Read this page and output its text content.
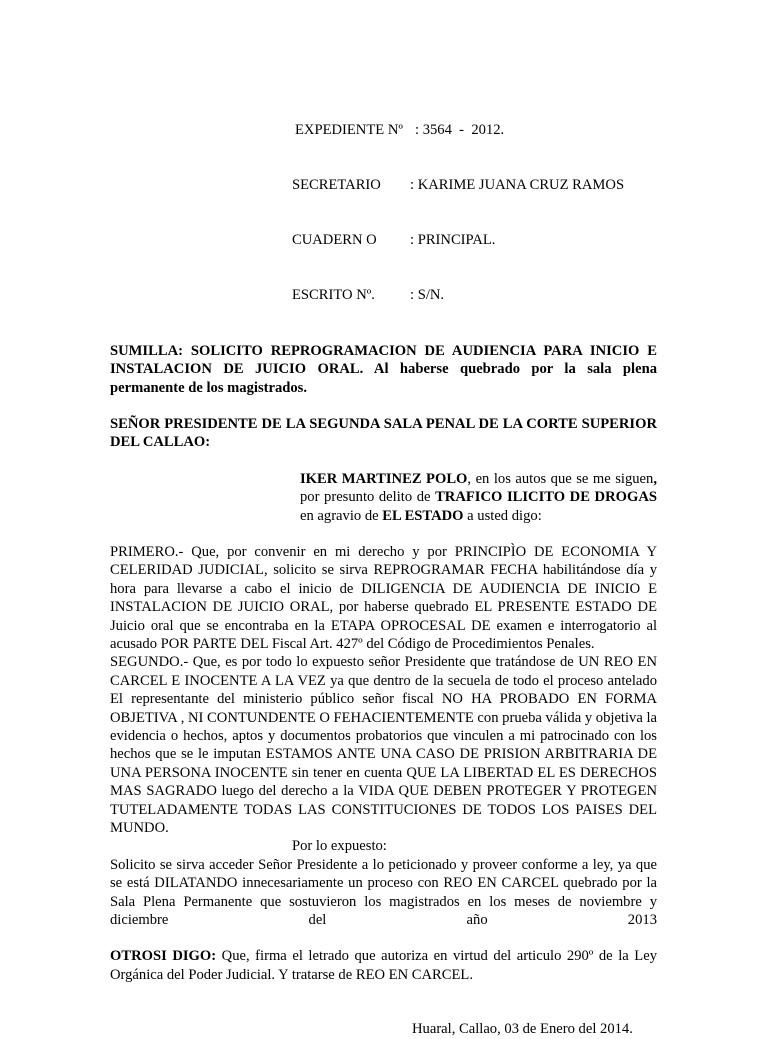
EXPEDIENTE Nº : 3564  -  2012.

SECRETARIO : KARIME JUANA CRUZ RAMOS

CUADERN O : PRINCIPAL.

ESCRITO Nº. : S/N.

SUMILLA: SOLICITO REPROGRAMACION DE AUDIENCIA PARA INICIO E INSTALACION DE JUICIO ORAL. Al haberse quebrado por la sala plena permanente de los magistrados.

SEÑOR PRESIDENTE DE LA SEGUNDA SALA PENAL DE LA CORTE SUPERIOR DEL CALLAO:

IKER MARTINEZ POLO, en los autos que se me siguen, por presunto delito de TRAFICO ILICITO DE DROGAS en agravio de EL ESTADO a usted digo:

PRIMERO.- Que, por convenir en mi derecho y por PRINCIPÌO DE ECONOMIA Y CELERIDAD JUDICIAL, solicito se sirva REPROGRAMAR FECHA habilitándose día y hora para llevarse a cabo el inicio de DILIGENCIA DE AUDIENCIA DE INICIO E INSTALACION DE JUICIO ORAL, por haberse quebrado EL PRESENTE ESTADO DE Juicio oral que se encontraba en la ETAPA OPROCESAL DE examen e interrogatorio al acusado POR PARTE DEL Fiscal Art. 427º del Código de Procedimientos Penales.

SEGUNDO.- Que, es por todo lo expuesto señor Presidente que tratándose de UN REO EN CARCEL E INOCENTE A LA VEZ ya que dentro de la secuela de todo el proceso antelado El representante del ministerio público señor fiscal NO HA PROBADO EN FORMA OBJETIVA , NI CONTUNDENTE O FEHACIENTEMENTE con prueba válida y objetiva la evidencia o hechos, aptos y documentos probatorios que vinculen a mi patrocinado con los hechos que se le imputan ESTAMOS ANTE UNA CASO DE PRISION ARBITRARIA DE UNA PERSONA INOCENTE sin tener en cuenta QUE LA LIBERTAD EL ES DERECHOS MAS SAGRADO luego del derecho a la VIDA QUE DEBEN PROTEGER Y PROTEGEN TUTELADAMENTE TODAS LAS CONSTITUCIONES DE TODOS LOS PAISES DEL MUNDO.

Por lo expuesto:

Solicito se sirva acceder Señor Presidente a lo peticionado y proveer conforme a ley, ya que se está DILATANDO innecesariamente un proceso con REO EN CARCEL quebrado por la Sala Plena Permanente que sostuvieron los magistrados en los meses de noviembre y diciembre del año 2013

OTROSI DIGO: Que, firma el letrado que autoriza en virtud del articulo 290º de la Ley Orgánica del Poder Judicial. Y tratarse de REO EN CARCEL.

Huaral, Callao, 03 de Enero del 2014.
